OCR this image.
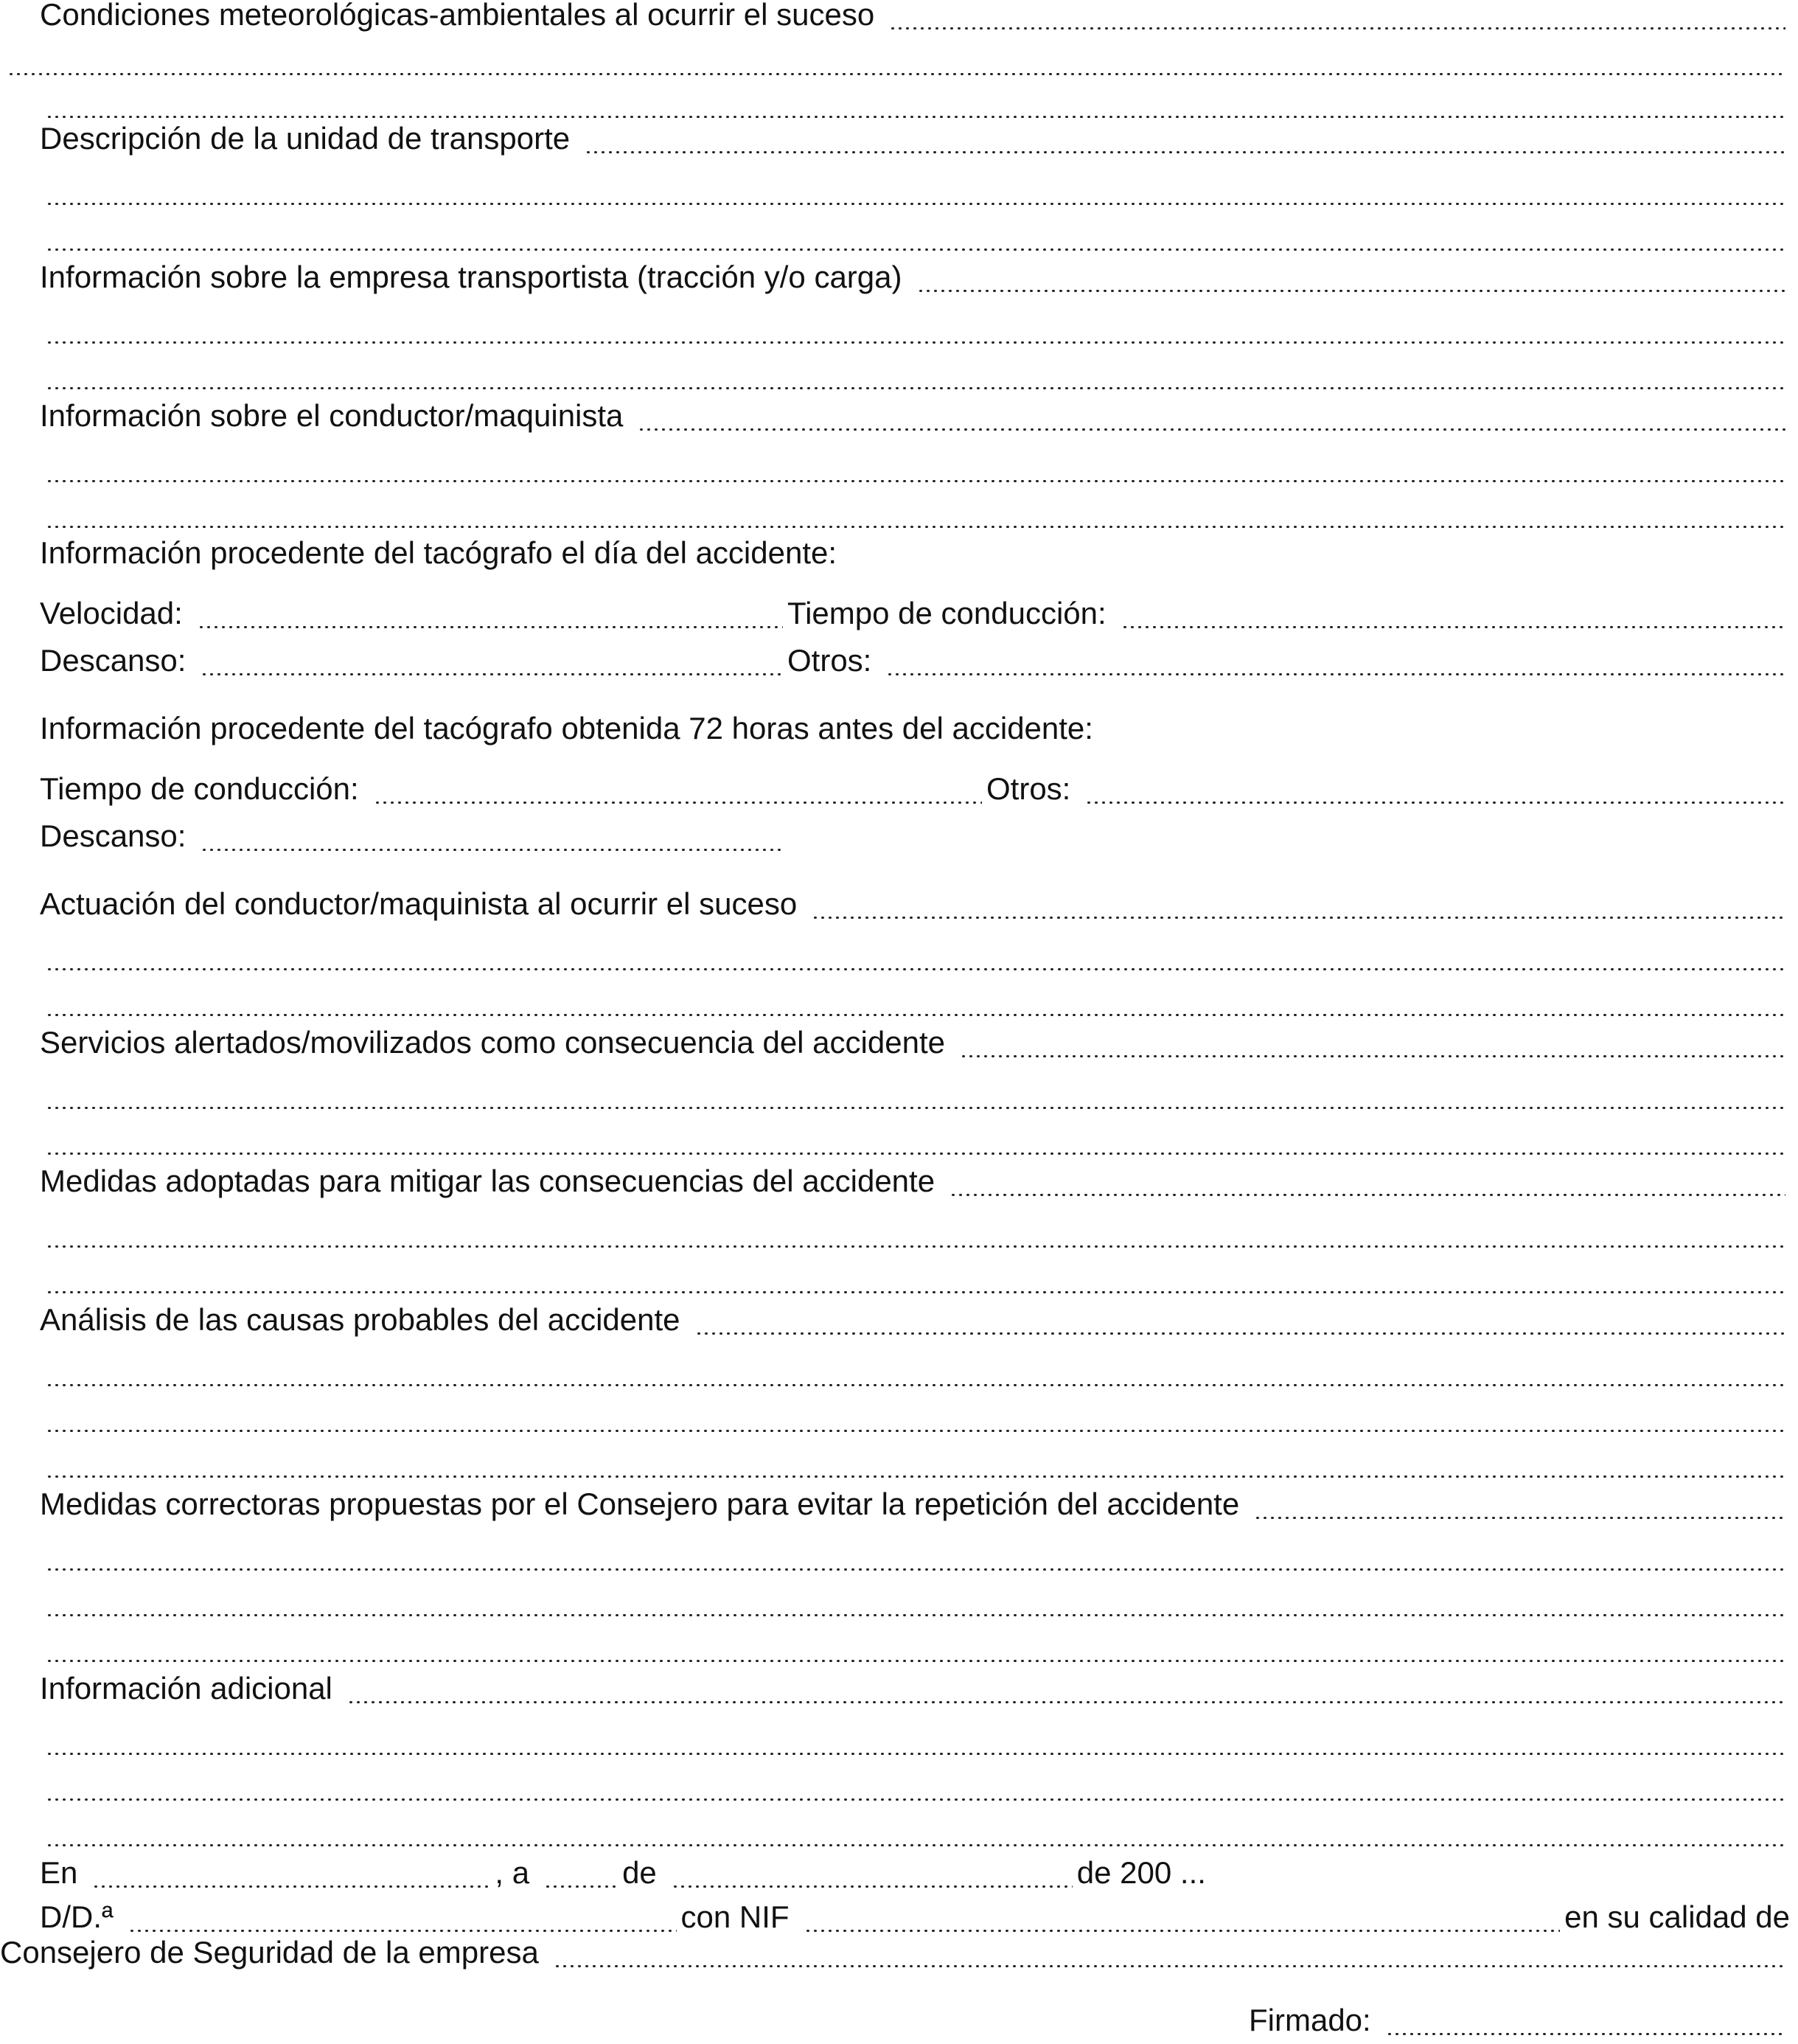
Condiciones meteorológicas-ambientales al ocurrir el suceso
Descripción de la unidad de transporte
Información sobre la empresa transportista (tracción y/o carga)
Información sobre el conductor/maquinista
Información procedente del tacógrafo el día del accidente:
Velocidad:	Tiempo de conducción:
Descanso:	Otros:
Información procedente del tacógrafo obtenida 72 horas antes del accidente:
Tiempo de conducción:	Otros:
Descanso:
Actuación del conductor/maquinista al ocurrir el suceso
Servicios alertados/movilizados como consecuencia del accidente
Medidas adoptadas para mitigar las consecuencias del accidente
Análisis de las causas probables del accidente
Medidas correctoras propuestas por el Consejero para evitar la repetición del accidente
Información adicional
En	, a	de	de 200 ...
D/D.ª	con NIF	en su calidad de
Consejero de Seguridad de la empresa
Firmado:
